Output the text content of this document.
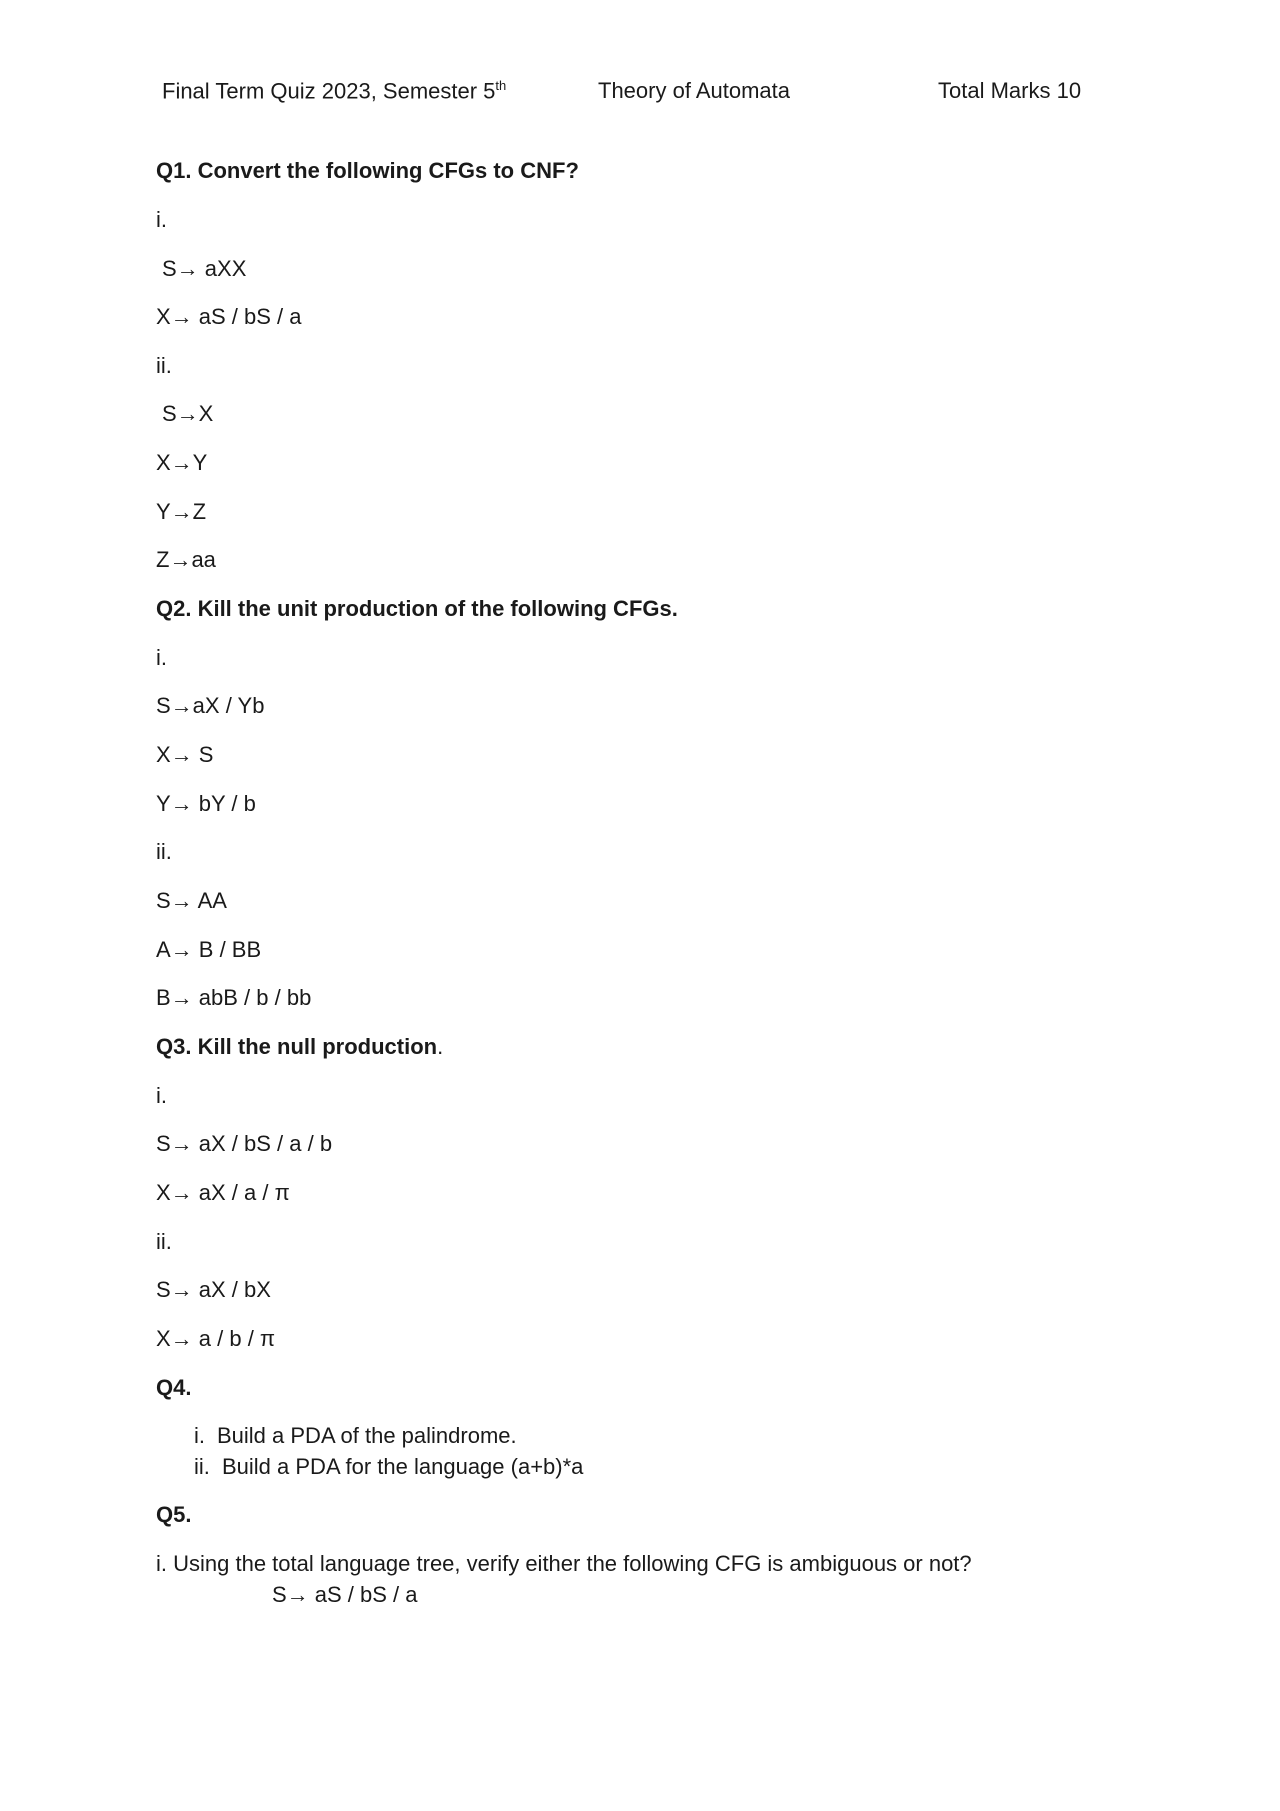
Final Term Quiz 2023, Semester 5th	Theory of Automata	Total Marks 10
Q1. Convert the following CFGs to CNF?
i.
S→ aXX
X→ aS / bS / a
ii.
S→X
X→Y
Y→Z
Z→aa
Q2. Kill the unit production of the following CFGs.
i.
S→aX / Yb
X→ S
Y→ bY / b
ii.
S→ AA
A→ B / BB
B→ abB / b / bb
Q3. Kill the null production.
i.
S→ aX / bS / a / b
X→ aX / a / π
ii.
S→ aX / bX
X→ a / b / π
Q4.
i. Build a PDA of the palindrome.
ii. Build a PDA for the language (a+b)*a
Q5.
i. Using the total language tree, verify either the following CFG is ambiguous or not?
S→ aS / bS / a
